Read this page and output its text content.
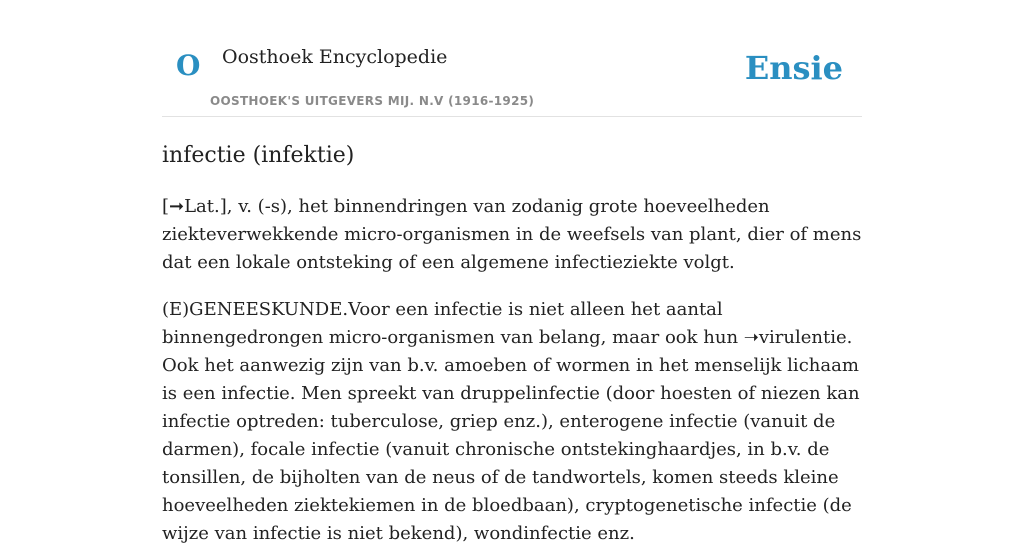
O Oosthoek Encyclopedie
OOSTHOEK'S UITGEVERS MIJ. N.V (1916-1925)
Ensie
infectie (infektie)

[➞Lat.], v. (-s), het binnendringen van zodanig grote hoeveelheden ziekteverwekkende micro-organismen in de weefsels van plant, dier of mens dat een lokale ontsteking of een algemene infectieziekte volgt.

(E)GENEESKUNDE.Voor een infectie is niet alleen het aantal binnengedrongen micro-organismen van belang, maar ook hun ➝virulentie. Ook het aanwezig zijn van b.v. amoeben of wormen in het menselijk lichaam is een infectie. Men spreekt van druppelinfectie (door hoesten of niezen kan infectie optreden: tuberculose, griep enz.), enterogene infectie (vanuit de darmen), focale infectie (vanuit chronische ontstekinghaardjes, in b.v. de tonsillen, de bijholten van de neus of de tandwortels, komen steeds kleine hoeveelheden ziektekiemen in de bloedbaan), cryptogenetische infectie (de wijze van infectie is niet bekend), wondinfectie enz.
